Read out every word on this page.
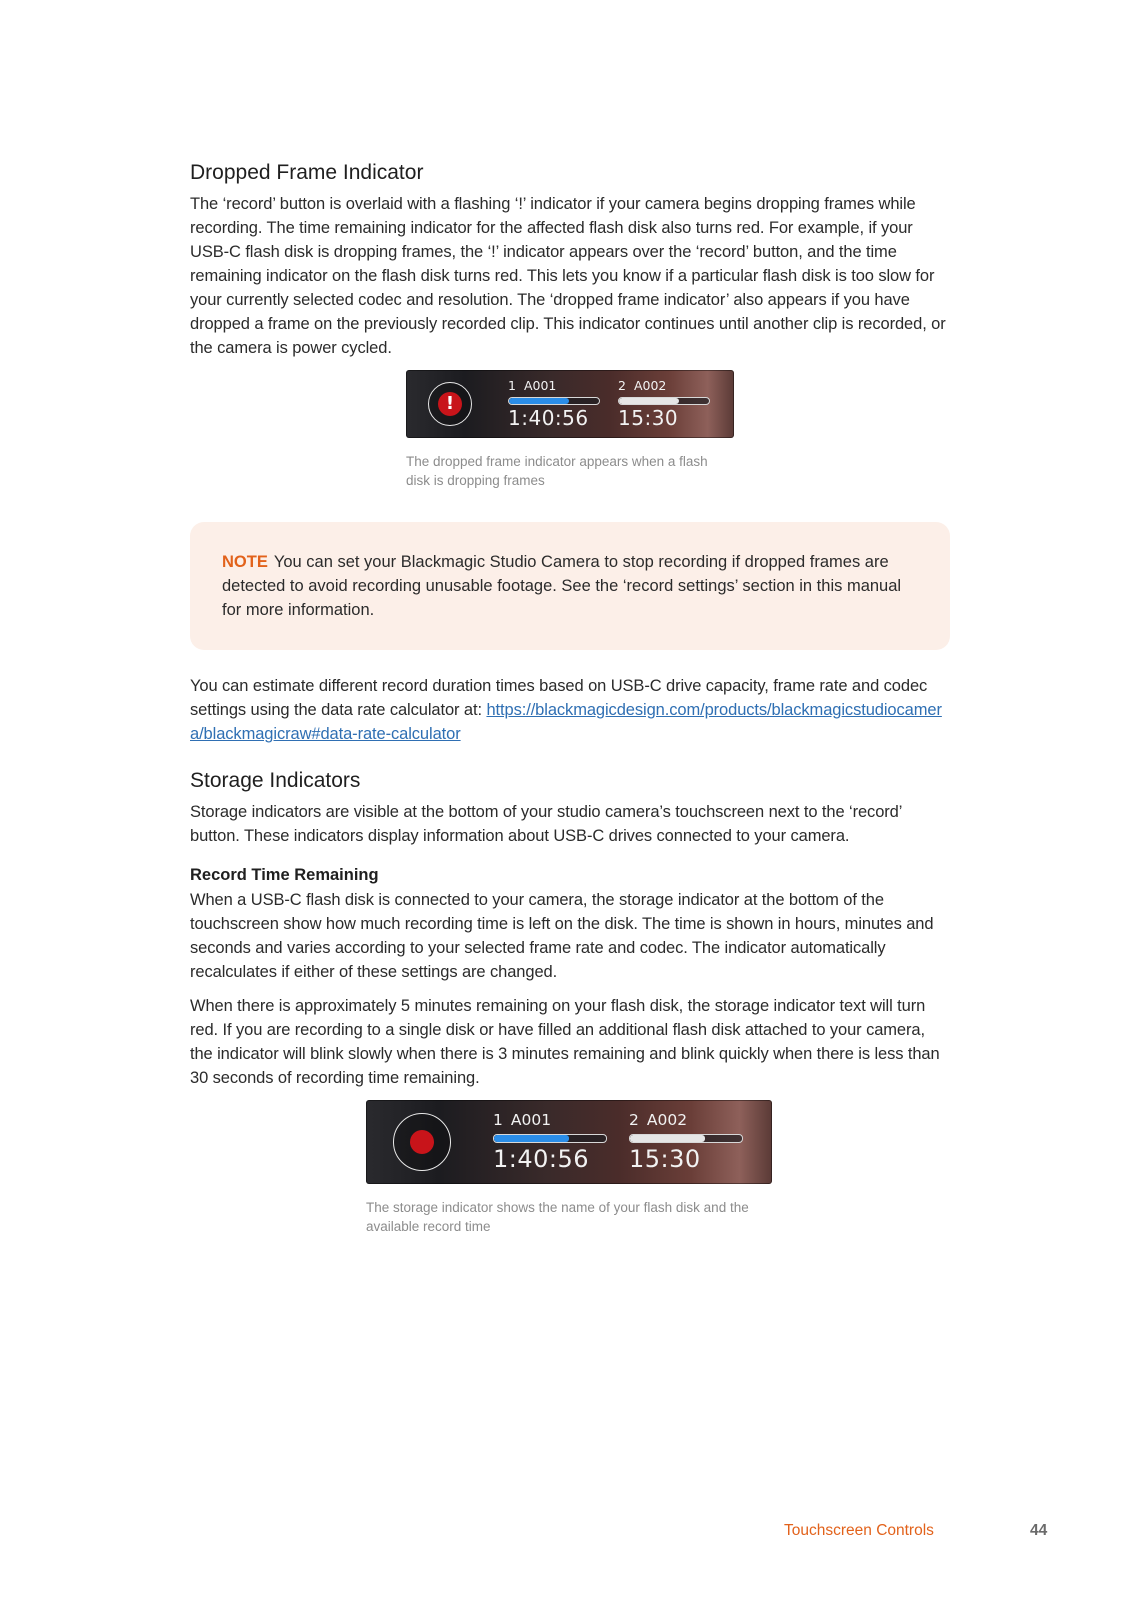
Dropped Frame Indicator

The ‘record’ button is overlaid with a flashing ‘!’ indicator if your camera begins dropping frames while recording. The time remaining indicator for the affected flash disk also turns red. For example, if your USB-C flash disk is dropping frames, the ‘!’ indicator appears over the ‘record’ button, and the time remaining indicator on the flash disk turns red. This lets you know if a particular flash disk is too slow for your currently selected codec and resolution. The ‘dropped frame indicator’ also appears if you have dropped a frame on the previously recorded clip. This indicator continues until another clip is recorded, or the camera is power cycled.

!
1 A001
1:40:56
2 A002
15:30
The dropped frame indicator appears when a flash disk is dropping frames

NOTE You can set your Blackmagic Studio Camera to stop recording if dropped frames are detected to avoid recording unusable footage. See the ‘record settings’ section in this manual for more information.

You can estimate different record duration times based on USB-C drive capacity, frame rate and codec settings using the data rate calculator at: https://blackmagicdesign.com/products/blackmagicstudiocamera/blackmagicraw#data-rate-calculator

Storage Indicators

Storage indicators are visible at the bottom of your studio camera’s touchscreen next to the ‘record’ button. These indicators display information about USB-C drives connected to your camera.

Record Time Remaining

When a USB-C flash disk is connected to your camera, the storage indicator at the bottom of the touchscreen show how much recording time is left on the disk. The time is shown in hours, minutes and seconds and varies according to your selected frame rate and codec. The indicator automatically recalculates if either of these settings are changed.

When there is approximately 5 minutes remaining on your flash disk, the storage indicator text will turn red. If you are recording to a single disk or have filled an additional flash disk attached to your camera, the indicator will blink slowly when there is 3 minutes remaining and blink quickly when there is less than 30 seconds of recording time remaining.

1 A001
1:40:56
2 A002
15:30
The storage indicator shows the name of your flash disk and the available record time
Touchscreen Controls	44
